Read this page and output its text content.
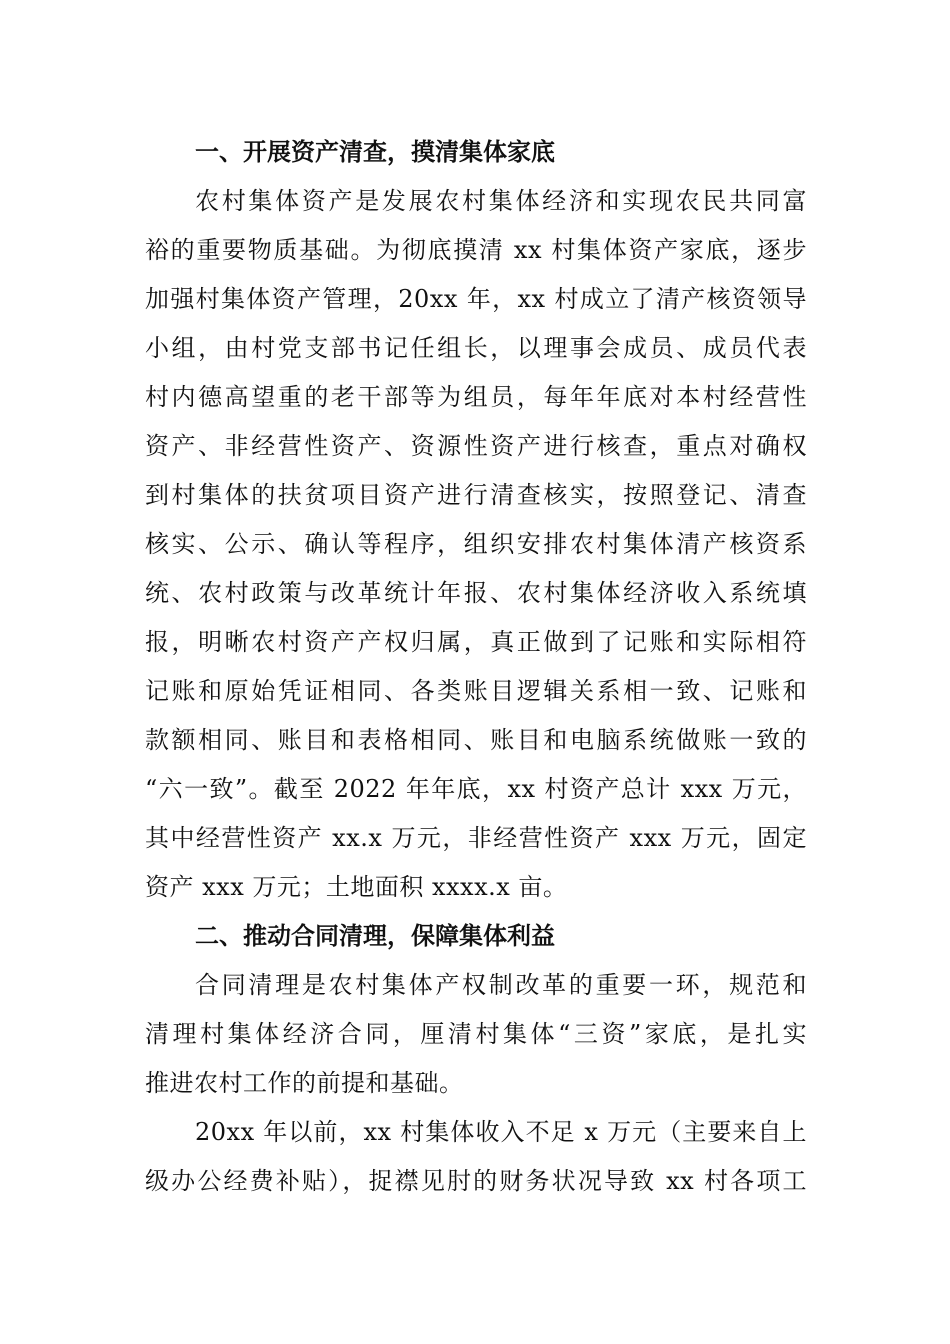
一、开展资产清查，摸清集体家底

农村集体资产是发展农村集体经济和实现农民共同富
裕的重要物质基础。为彻底摸清 xx 村集体资产家底，逐步
加强村集体资产管理，20xx 年，xx 村成立了清产核资领导
小组，由村党支部书记任组长，以理事会成员、成员代表
村内德高望重的老干部等为组员，每年年底对本村经营性
资产、非经营性资产、资源性资产进行核查，重点对确权
到村集体的扶贫项目资产进行清查核实，按照登记、清查
核实、公示、确认等程序，组织安排农村集体清产核资系
统、农村政策与改革统计年报、农村集体经济收入系统填
报，明晰农村资产产权归属，真正做到了记账和实际相符
记账和原始凭证相同、各类账目逻辑关系相一致、记账和
款额相同、账目和表格相同、账目和电脑系统做账一致的
“六一致”。截至 2022 年年底，xx 村资产总计 xxx 万元，
其中经营性资产 xx.x 万元，非经营性资产 xxx 万元，固定
资产 xxx 万元；土地面积 xxxx.x 亩。

二、推动合同清理，保障集体利益

合同清理是农村集体产权制改革的重要一环，规范和
清理村集体经济合同，厘清村集体“三资”家底，是扎实
推进农村工作的前提和基础。
20xx 年以前，xx 村集体收入不足 x 万元（主要来自上
级办公经费补贴），捉襟见肘的财务状况导致 xx 村各项工
